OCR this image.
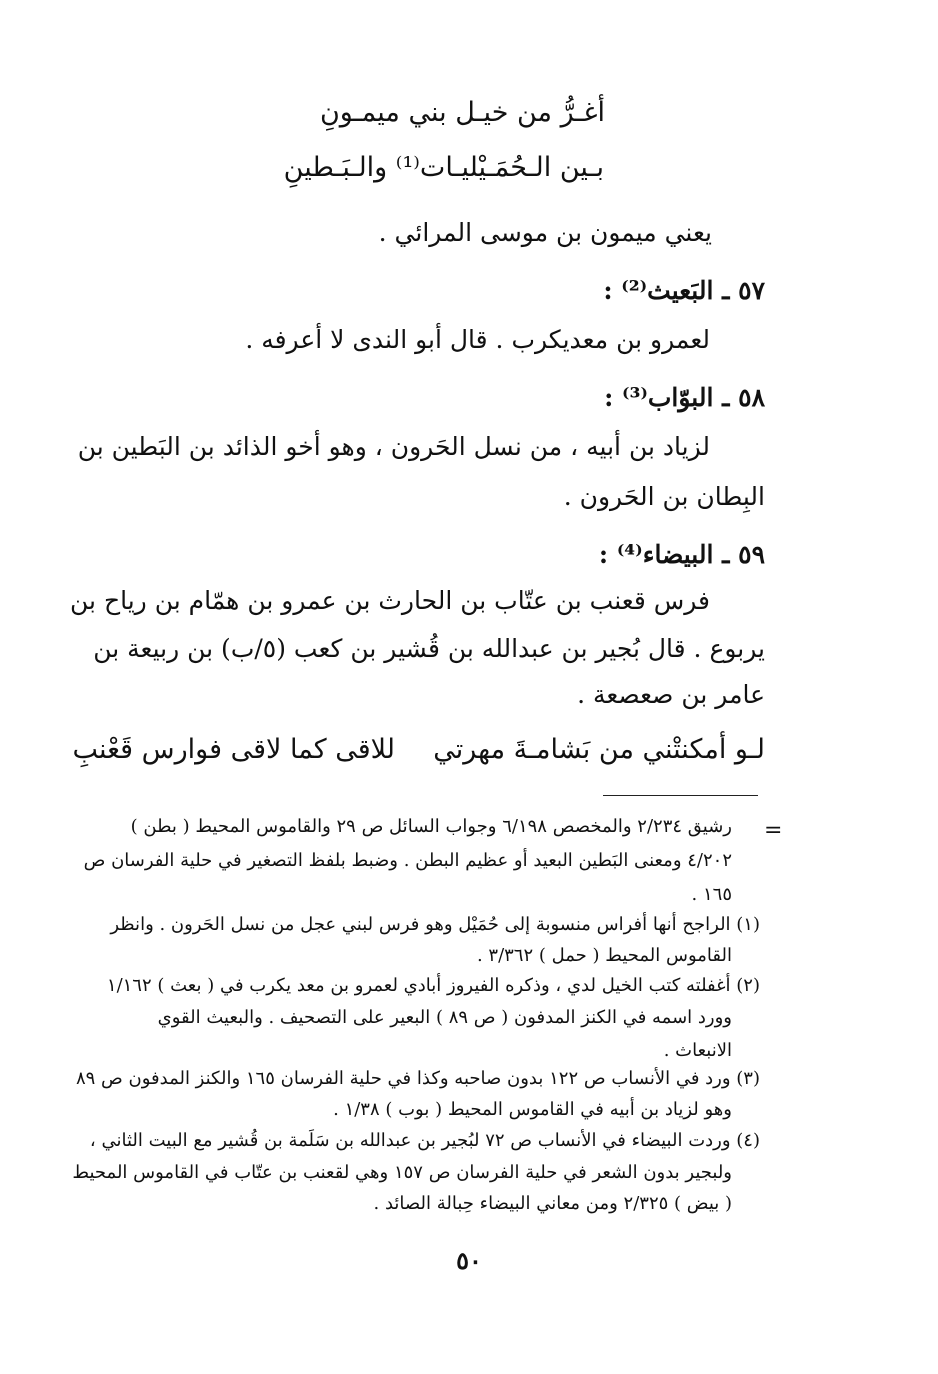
أغـرُّ من خيـل بني ميمـونِ
بـين الـحُمَـيْليـات⁽¹⁾ والـبَـطينِ
يعني ميمون بن موسى المرائي .
٥٧ ـ البَعيث⁽²⁾ :
لعمرو بن معديكرب . قال أبو الندى لا أعرفه .
٥٨ ـ البوّاب⁽³⁾ :
لزياد بن أبيه ، من نسل الحَرون ، وهو أخو الذائد بن البَطين بن
البِطان بن الحَرون .
٥٩ ـ البيضاء⁽⁴⁾ :
فرس قعنب بن عتّاب بن الحارث بن عمرو بن همّام بن رياح بن
يربوع . قال بُجير بن عبدالله بن قُشير بن كعب (٥/ب) بن ربيعة بن
عامر بن صعصعة .
لـو أمكنتْني من بَشامـةَ مهرتي
للاقى كما لاقى فوارس قَعْنبِ
=
رشيق ٢/٢٣٤ والمخصص ٦/١٩٨ وجواب السائل ص ٢٩ والقاموس المحيط ( بطن )
٤/٢٠٢ ومعنى البَطين البعيد أو عظيم البطن . وضبط بلفظ التصغير في حلية الفرسان ص
١٦٥ .
(١) الراجح أنها أفراس منسوبة إلى حُمَيْل وهو فرس لبني عجل من نسل الحَرون . وانظر
القاموس المحيط ( حمل ) ٣/٣٦٢ .
(٢) أغفلته كتب الخيل لدي ، وذكره الفيروز أبادي لعمرو بن معد يكرب في ( بعث ) ١/١٦٢
وورد اسمه في الكنز المدفون ( ص ٨٩ ) البعير على التصحيف . والبعيث القوي
الانبعاث .
(٣) ورد في الأنساب ص ١٢٢ بدون صاحبه وكذا في حلية الفرسان ١٦٥ والكنز المدفون ص ٨٩
وهو لزياد بن أبيه في القاموس المحيط ( بوب ) ١/٣٨ .
(٤) وردت البيضاء في الأنساب ص ٧٢ لبُجير بن عبدالله بن سَلَمة بن قُشير مع البيت الثاني ،
ولبجير بدون الشعر في حلية الفرسان ص ١٥٧ وهي لقعنب بن عتّاب في القاموس المحيط
( بيض ) ٢/٣٢٥ ومن معاني البيضاء حِبالة الصائد .
٥٠
